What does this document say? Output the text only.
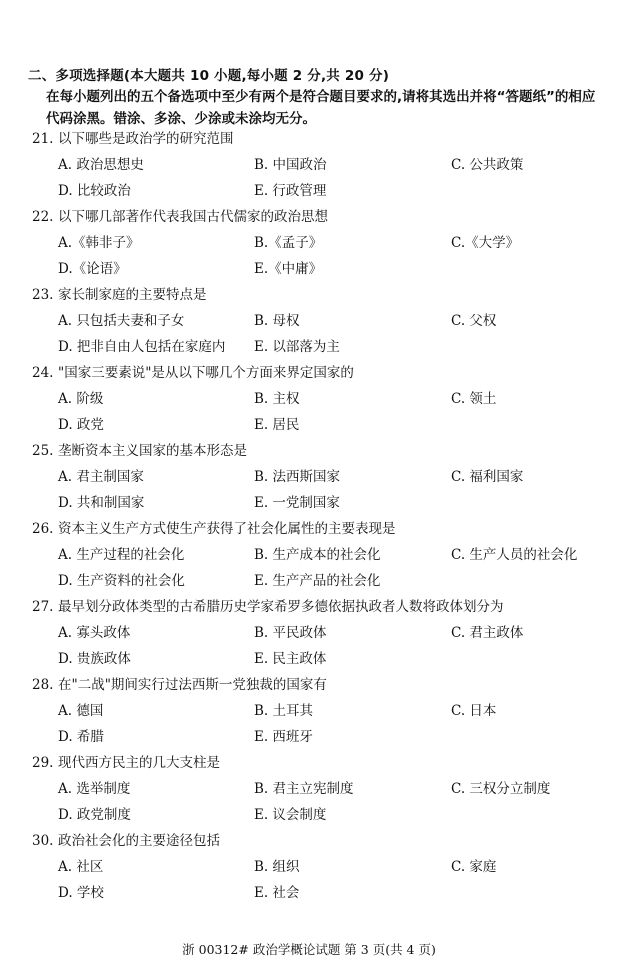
二、多项选择题(本大题共 10 小题,每小题 2 分,共 20 分)
在每小题列出的五个备选项中至少有两个是符合题目要求的,请将其选出并将“答题纸”的相应代码涂黑。错涂、多涂、少涂或未涂均无分。
21. 以下哪些是政治学的研究范围
A. 政治思想史	B. 中国政治	C. 公共政策
D. 比较政治	E. 行政管理
22. 以下哪几部著作代表我国古代儒家的政治思想
A.《韩非子》	B.《孟子》	C.《大学》
D.《论语》	E.《中庸》
23. 家长制家庭的主要特点是
A. 只包括夫妻和子女	B. 母权	C. 父权
D. 把非自由人包括在家庭内 E. 以部落为主
24. "国家三要素说"是从以下哪几个方面来界定国家的
A. 阶级	B. 主权	C. 领土
D. 政党	E. 居民
25. 垄断资本主义国家的基本形态是
A. 君主制国家	B. 法西斯国家	C. 福利国家
D. 共和制国家	E. 一党制国家
26. 资本主义生产方式使生产获得了社会化属性的主要表现是
A. 生产过程的社会化	B. 生产成本的社会化	C. 生产人员的社会化
D. 生产资料的社会化	E. 生产产品的社会化
27. 最早划分政体类型的古希腊历史学家希罗多德依据执政者人数将政体划分为
A. 寡头政体	B. 平民政体	C. 君主政体
D. 贵族政体	E. 民主政体
28. 在"二战"期间实行过法西斯一党独裁的国家有
A. 德国	B. 土耳其	C. 日本
D. 希腊	E. 西班牙
29. 现代西方民主的几大支柱是
A. 选举制度	B. 君主立宪制度	C. 三权分立制度
D. 政党制度	E. 议会制度
30. 政治社会化的主要途径包括
A. 社区	B. 组织	C. 家庭
D. 学校	E. 社会
浙 00312# 政治学概论试题 第 3 页(共 4 页)
